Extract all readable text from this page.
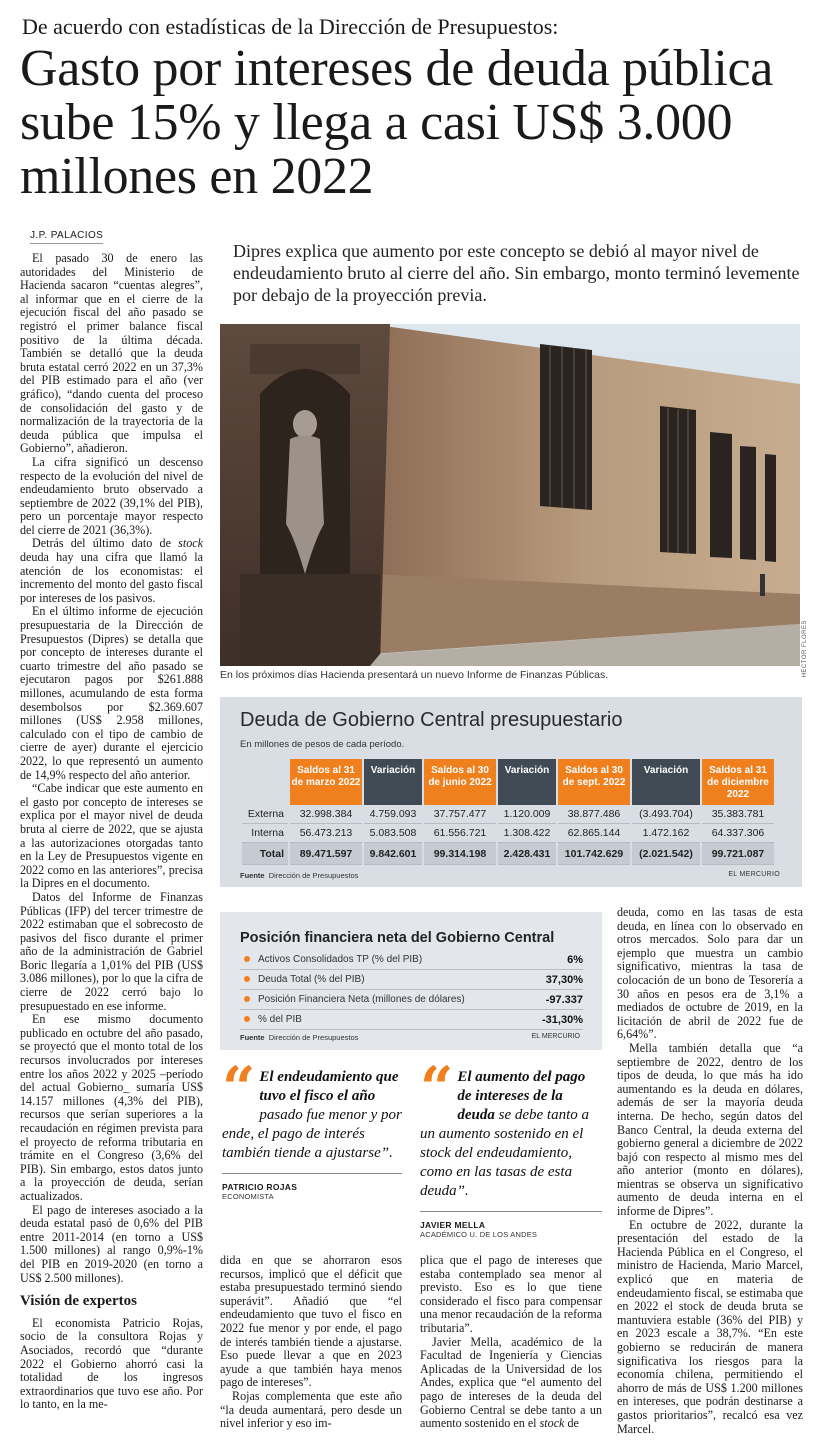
De acuerdo con estadísticas de la Dirección de Presupuestos:
Gasto por intereses de deuda pública sube 15% y llega a casi US$ 3.000 millones en 2022
J.P. PALACIOS
Dipres explica que aumento por este concepto se debió al mayor nivel de endeudamiento bruto al cierre del año. Sin embargo, monto terminó levemente por debajo de la proyección previa.

El pasado 30 de enero las autoridades del Ministerio de Hacienda sacaron “cuentas alegres”, al informar que en el cierre de la ejecución fiscal del año pasado se registró el primer balance fiscal positivo de la última década. También se detalló que la deuda bruta estatal cerró 2022 en un 37,3% del PIB estimado para el año (ver gráfico), “dando cuenta del proceso de consolidación del gasto y de normalización de la trayectoria de la deuda pública que impulsa el Gobierno”, añadieron.

La cifra significó un descenso respecto de la evolución del nivel de endeudamiento bruto observado a septiembre de 2022 (39,1% del PIB), pero un porcentaje mayor respecto del cierre de 2021 (36,3%).

Detrás del último dato de stock deuda hay una cifra que llamó la atención de los economistas: el incremento del monto del gasto fiscal por intereses de los pasivos.

En el último informe de ejecución presupuestaria de la Dirección de Presupuestos (Dipres) se detalla que por concepto de intereses durante el cuarto trimestre del año pasado se ejecutaron pagos por $261.888 millones, acumulando de esta forma desembolsos por $2.369.607 millones (US$ 2.958 millones, calculado con el tipo de cambio de cierre de ayer) durante el ejercicio 2022, lo que representó un aumento de 14,9% respecto del año anterior.

“Cabe indicar que este aumento en el gasto por concepto de intereses se explica por el mayor nivel de deuda bruta al cierre de 2022, que se ajusta a las autorizaciones otorgadas tanto en la Ley de Presupuestos vigente en 2022 como en las anteriores”, precisa la Dipres en el documento.

Datos del Informe de Finanzas Públicas (IFP) del tercer trimestre de 2022 estimaban que el sobrecosto de pasivos del fisco durante el primer año de la administración de Gabriel Boric llegaría a 1,01% del PIB (US$ 3.086 millones), por lo que la cifra de cierre de 2022 cerró bajo lo presupuestado en ese informe.

En ese mismo documento publicado en octubre del año pasado, se proyectó que el monto total de los recursos involucrados por intereses entre los años 2022 y 2025 –período del actual Gobierno_ sumaría US$ 14.157 millones (4,3% del PIB), recursos que serían superiores a la recaudación en régimen prevista para el proyecto de reforma tributaria en trámite en el Congreso (3,6% del PIB). Sin embargo, estos datos junto a la proyección de deuda, serían actualizados.

El pago de intereses asociado a la deuda estatal pasó de 0,6% del PIB entre 2011-2014 (en torno a US$ 1.500 millones) al rango 0,9%-1% del PIB en 2019-2020 (en torno a US$ 2.500 millones).

Visión de expertos

El economista Patricio Rojas, socio de la consultora Rojas y Asociados, recordó que “durante 2022 el Gobierno ahorró casi la totalidad de los ingresos extraordinarios que tuvo ese año. Por lo tanto, en la me-

HÉCTOR FLORES
En los próximos días Hacienda presentará un nuevo Informe de Finanzas Públicas.
Deuda de Gobierno Central presupuestario
En millones de pesos de cada período.
	Saldos al 31 de marzo 2022	Variación	Saldos al 30 de junio 2022	Variación	Saldos al 30 de sept. 2022	Variación	Saldos al 31 de diciembre 2022
Externa	32.998.384	4.759.093	37.757.477	1.120.009	38.877.486	(3.493.704)	35.383.781
Interna	56.473.213	5.083.508	61.556.721	1.308.422	62.865.144	1.472.162	64.337.306
Total	89.471.597	9.842.601	99.314.198	2.428.431	101.742.629	(2.021.542)	99.721.087
Fuente Dirección de Presupuestos	EL MERCURIO
Posición financiera neta del Gobierno Central
Activos Consolidados TP (% del PIB)	6%
Deuda Total (% del PIB)	37,30%
Posición Financiera Neta (millones de dólares)	-97.337
% del PIB	-31,30%
Fuente Dirección de Presupuestos	EL MERCURIO
“ El endeudamiento que tuvo el fisco el año pasado fue menor y por ende, el pago de interés también tiende a ajustarse”.
PATRICIO ROJAS
ECONOMISTA
“ El aumento del pago de intereses de la deuda se debe tanto a un aumento sostenido en el stock del endeudamiento, como en las tasas de esta deuda”.
JAVIER MELLA
ACADÉMICO U. DE LOS ANDES

dida en que se ahorraron esos recursos, implicó que el déficit que estaba presupuestado terminó siendo superávit”. Añadió que “el endeudamiento que tuvo el fisco en 2022 fue menor y por ende, el pago de interés también tiende a ajustarse. Eso puede llevar a que en 2023 ayude a que también haya menos pago de intereses”.

Rojas complementa que este año “la deuda aumentará, pero desde un nivel inferior y eso im-

plica que el pago de intereses que estaba contemplado sea menor al previsto. Eso es lo que tiene considerado el fisco para compensar una menor recaudación de la reforma tributaria”.

Javier Mella, académico de la Facultad de Ingeniería y Ciencias Aplicadas de la Universidad de los Andes, explica que “el aumento del pago de intereses de la deuda del Gobierno Central se debe tanto a un aumento sostenido en el stock de

deuda, como en las tasas de esta deuda, en línea con lo observado en otros mercados. Solo para dar un ejemplo que muestra un cambio significativo, mientras la tasa de colocación de un bono de Tesorería a 30 años en pesos era de 3,1% a mediados de octubre de 2019, en la licitación de abril de 2022 fue de 6,64%”.

Mella también detalla que “a septiembre de 2022, dentro de los tipos de deuda, lo que más ha ido aumentando es la deuda en dólares, además de ser la mayoría deuda interna. De hecho, según datos del Banco Central, la deuda externa del gobierno general a diciembre de 2022 bajó con respecto al mismo mes del año anterior (monto en dólares), mientras se observa un significativo aumento de deuda interna en el informe de Dipres”.

En octubre de 2022, durante la presentación del estado de la Hacienda Pública en el Congreso, el ministro de Hacienda, Mario Marcel, explicó que en materia de endeudamiento fiscal, se estimaba que en 2022 el stock de deuda bruta se mantuviera estable (36% del PIB) y en 2023 escale a 38,7%. “En este gobierno se reducirán de manera significativa los riesgos para la economía chilena, permitiendo el ahorro de más de US$ 1.200 millones en intereses, que podrán destinarse a gastos prioritarios”, recalcó esa vez Marcel.
